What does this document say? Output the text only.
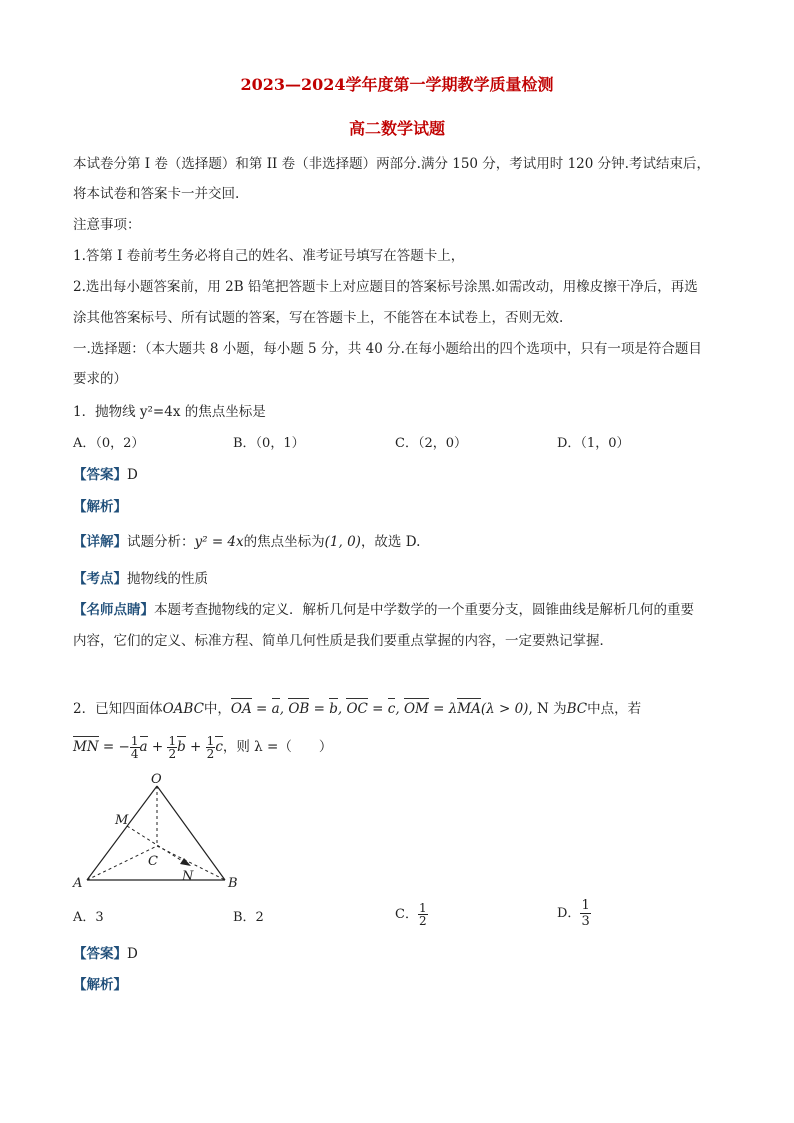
2023—2024学年度第一学期教学质量检测
高二数学试题
本试卷分第 I 卷（选择题）和第 II 卷（非选择题）两部分.满分 150 分，考试用时 120 分钟.考试结束后，
将本试卷和答案卡一并交回.
注意事项：
1.答第 I 卷前考生务必将自己的姓名、准考证号填写在答题卡上，
2.选出每小题答案前，用 2B 铅笔把答题卡上对应题目的答案标号涂黑.如需改动，用橡皮擦干净后，再选
涂其他答案标号、所有试题的答案，写在答题卡上，不能答在本试卷上，否则无效.
一.选择题：（本大题共 8 小题，每小题 5 分，共 40 分.在每小题给出的四个选项中，只有一项是符合题目
要求的）
1．抛物线 y²=4x 的焦点坐标是
A．（0，2）	B．（0，1）	C．（2，0）	D．（1，0）
【答案】D
【解析】
【详解】试题分析：y² = 4x的焦点坐标为(1, 0)，故选 D.
【考点】抛物线的性质
【名师点睛】本题考查抛物线的定义．解析几何是中学数学的一个重要分支，圆锥曲线是解析几何的重要
内容，它们的定义、标准方程、简单几何性质是我们要重点掌握的内容，一定要熟记掌握．
2．已知四面体OABC中，OA = a, OB = b, OC = c, OM = λMA(λ > 0), N 为BC中点，若
MN = − $\frac{1}{4}$ $a + \frac{1}{2}$ $b + \frac{1}{2}$ c，则 λ =（　　）
O
M
C
N
A	B
A．3	B．2	C． $\frac{1}{2}$	D． $\frac{1}{3}$
【答案】D
【解析】
